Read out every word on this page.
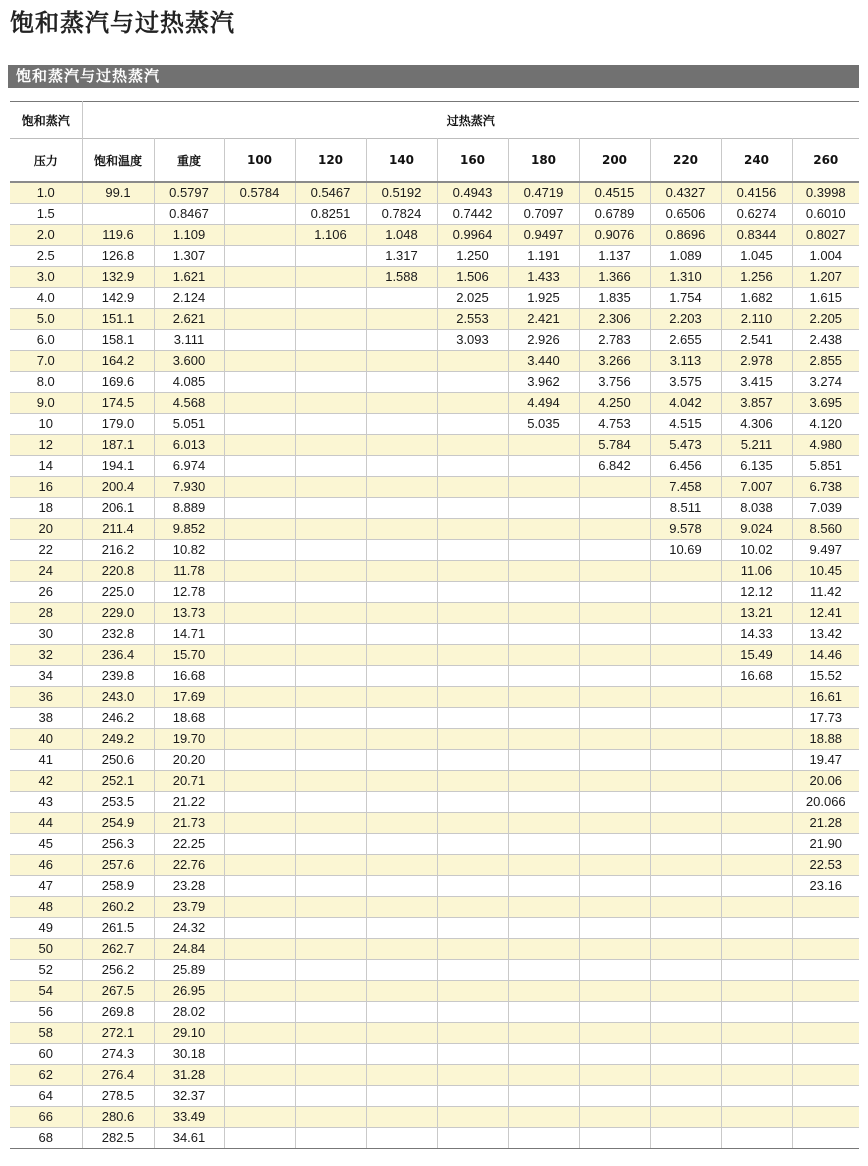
饱和蒸汽与过热蒸汽
饱和蒸汽与过热蒸汽
饱和蒸汽	过热蒸汽										
压力	饱和温度	重度	100	120	140	160	180	200	220	240	260
1.0	99.1	0.5797	0.5784	0.5467	0.5192	0.4943	0.4719	0.4515	0.4327	0.4156	0.3998
1.5		0.8467		0.8251	0.7824	0.7442	0.7097	0.6789	0.6506	0.6274	0.6010
2.0	119.6	1.109		1.106	1.048	0.9964	0.9497	0.9076	0.8696	0.8344	0.8027
2.5	126.8	1.307			1.317	1.250	1.191	1.137	1.089	1.045	1.004
3.0	132.9	1.621			1.588	1.506	1.433	1.366	1.310	1.256	1.207
4.0	142.9	2.124				2.025	1.925	1.835	1.754	1.682	1.615
5.0	151.1	2.621				2.553	2.421	2.306	2.203	2.110	2.205
6.0	158.1	3.111				3.093	2.926	2.783	2.655	2.541	2.438
7.0	164.2	3.600					3.440	3.266	3.113	2.978	2.855
8.0	169.6	4.085					3.962	3.756	3.575	3.415	3.274
9.0	174.5	4.568					4.494	4.250	4.042	3.857	3.695
10	179.0	5.051					5.035	4.753	4.515	4.306	4.120
12	187.1	6.013						5.784	5.473	5.211	4.980
14	194.1	6.974						6.842	6.456	6.135	5.851
16	200.4	7.930							7.458	7.007	6.738
18	206.1	8.889							8.511	8.038	7.039
20	211.4	9.852							9.578	9.024	8.560
22	216.2	10.82							10.69	10.02	9.497
24	220.8	11.78								11.06	10.45
26	225.0	12.78								12.12	11.42
28	229.0	13.73								13.21	12.41
30	232.8	14.71								14.33	13.42
32	236.4	15.70								15.49	14.46
34	239.8	16.68								16.68	15.52
36	243.0	17.69									16.61
38	246.2	18.68									17.73
40	249.2	19.70									18.88
41	250.6	20.20									19.47
42	252.1	20.71									20.06
43	253.5	21.22									20.066
44	254.9	21.73									21.28
45	256.3	22.25									21.90
46	257.6	22.76									22.53
47	258.9	23.28									23.16
48	260.2	23.79									
49	261.5	24.32									
50	262.7	24.84									
52	256.2	25.89									
54	267.5	26.95									
56	269.8	28.02									
58	272.1	29.10									
60	274.3	30.18									
62	276.4	31.28									
64	278.5	32.37									
66	280.6	33.49									
68	282.5	34.61									
